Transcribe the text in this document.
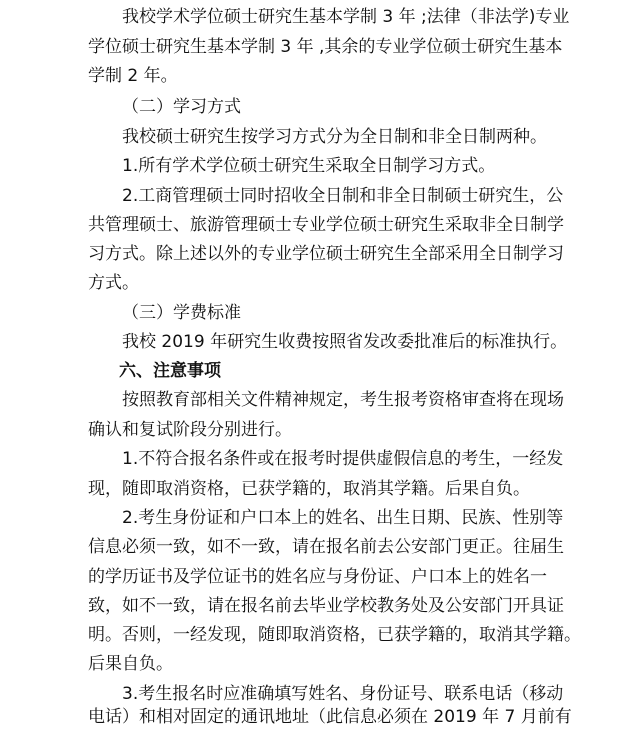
我校学术学位硕士研究生基本学制 3 年 ;法律（非法学)专业
学位硕士研究生基本学制 3 年 ,其余的专业学位硕士研究生基本
学制 2 年。
（二）学习方式
我校硕士研究生按学习方式分为全日制和非全日制两种。
1.所有学术学位硕士研究生采取全日制学习方式。
2.工商管理硕士同时招收全日制和非全日制硕士研究生，公
共管理硕士、旅游管理硕士专业学位硕士研究生采取非全日制学
习方式。除上述以外的专业学位硕士研究生全部采用全日制学习
方式。
（三）学费标准
我校 2019 年研究生收费按照省发改委批准后的标准执行。
六、注意事项
按照教育部相关文件精神规定，考生报考资格审查将在现场
确认和复试阶段分别进行。
1.不符合报名条件或在报考时提供虚假信息的考生，一经发
现，随即取消资格，已获学籍的，取消其学籍。后果自负。
2.考生身份证和户口本上的姓名、出生日期、民族、性别等
信息必须一致，如不一致，请在报名前去公安部门更正。往届生
的学历证书及学位证书的姓名应与身份证、户口本上的姓名一
致，如不一致，请在报名前去毕业学校教务处及公安部门开具证
明。否则，一经发现，随即取消资格，已获学籍的，取消其学籍。
后果自负。
3.考生报名时应准确填写姓名、身份证号、联系电话（移动
电话）和相对固定的通讯地址（此信息必须在 2019 年 7 月前有
